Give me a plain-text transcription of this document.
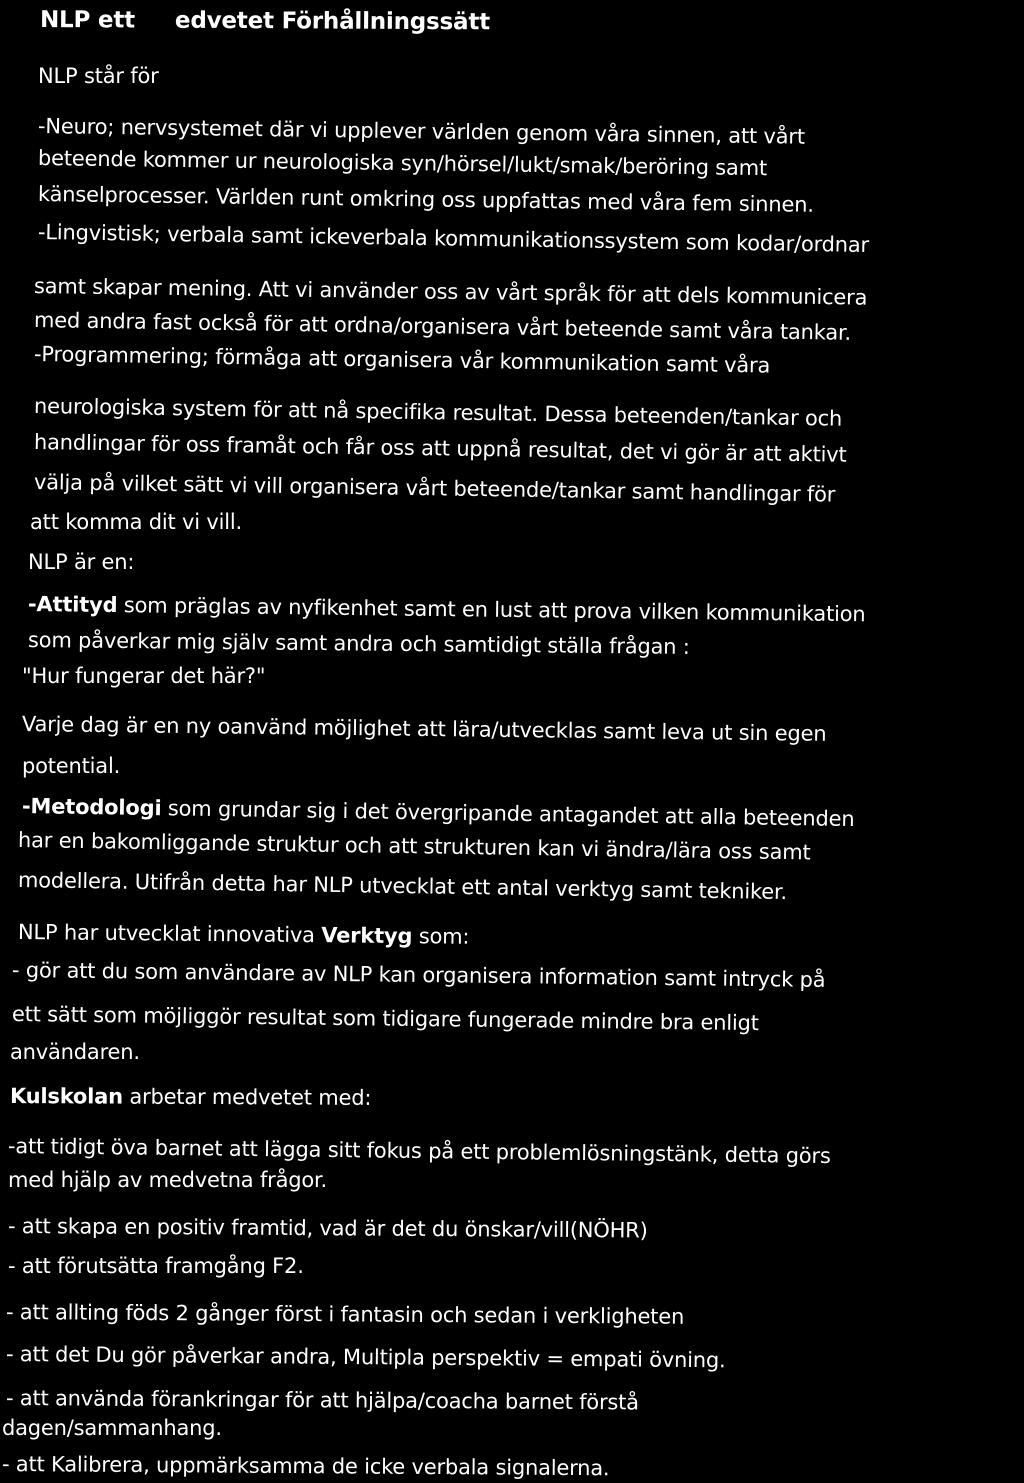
NLP ett edvetet Förhållningssätt
NLP står för
-Neuro; nervsystemet där vi upplever världen genom våra sinnen, att vårt
beteende kommer ur neurologiska syn/hörsel/lukt/smak/beröring samt
känselprocesser. Världen runt omkring oss uppfattas med våra fem sinnen.
-Lingvistisk; verbala samt ickeverbala kommunikationssystem som kodar/ordnar
samt skapar mening. Att vi använder oss av vårt språk för att dels kommunicera
med andra fast också för att ordna/organisera vårt beteende samt våra tankar.
-Programmering; förmåga att organisera vår kommunikation samt våra
neurologiska system för att nå specifika resultat. Dessa beteenden/tankar och
handlingar för oss framåt och får oss att uppnå resultat, det vi gör är att aktivt
välja på vilket sätt vi vill organisera vårt beteende/tankar samt handlingar för
att komma dit vi vill.
NLP är en:
-Attityd som präglas av nyfikenhet samt en lust att prova vilken kommunikation
som påverkar mig själv samt andra och samtidigt ställa frågan :
"Hur fungerar det här?"
Varje dag är en ny oanvänd möjlighet att lära/utvecklas samt leva ut sin egen
potential.
-Metodologi som grundar sig i det övergripande antagandet att alla beteenden
har en bakomliggande struktur och att strukturen kan vi ändra/lära oss samt
modellera. Utifrån detta har NLP utvecklat ett antal verktyg samt tekniker.
NLP har utvecklat innovativa Verktyg som:
- gör att du som användare av NLP kan organisera information samt intryck på
ett sätt som möjliggör resultat som tidigare fungerade mindre bra enligt
användaren.
Kulskolan arbetar medvetet med:
-att tidigt öva barnet att lägga sitt fokus på ett problemlösningstänk, detta görs
med hjälp av medvetna frågor.
- att skapa en positiv framtid, vad är det du önskar/vill(NÖHR)
- att förutsätta framgång F2.
- att allting föds 2 gånger först i fantasin och sedan i verkligheten
- att det Du gör påverkar andra, Multipla perspektiv = empati övning.
- att använda förankringar för att hjälpa/coacha barnet förstå
dagen/sammanhang.
- att Kalibrera, uppmärksamma de icke verbala signalerna.
